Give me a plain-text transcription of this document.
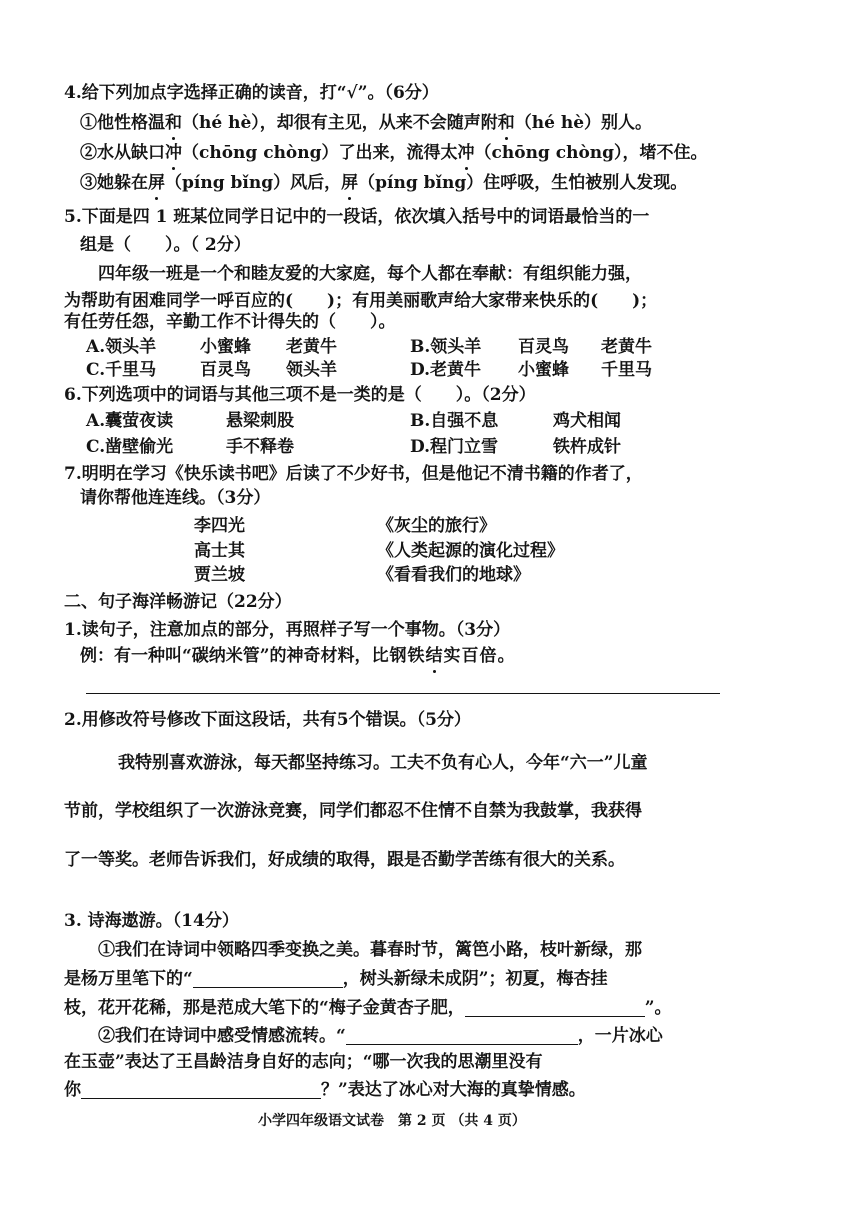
4.给下列加点字选择正确的读音，打“√”。（6分）
①他性格温和（hé hè），却很有主见，从来不会随声附和（hé hè）别人。
②水从缺口冲（chōng chòng）了出来，流得太冲（chōng chòng），堵不住。
③她躲在屏（píng bǐng）风后，屏（píng bǐng）住呼吸，生怕被别人发现。
5.下面是四 1 班某位同学日记中的一段话，依次填入括号中的词语最恰当的一
组是（　　）。（ 2分）
四年级一班是一个和睦友爱的大家庭，每个人都在奉献：有组织能力强，
为帮助有困难同学一呼百应的(　　)；有用美丽歌声给大家带来快乐的(　　)；
有任劳任怨，辛勤工作不计得失的（　　）。
A.领头羊	小蜜蜂 老黄牛	B.领头羊 百灵鸟 老黄牛
C.千里马	百灵鸟 领头羊	D.老黄牛 小蜜蜂 千里马
6.下列选项中的词语与其他三项不是一类的是（　　）。（2分）
A.囊萤夜读	悬梁刺股	B.自强不息	鸡犬相闻
C.凿壁偷光	手不释卷	D.程门立雪	铁杵成针
7.明明在学习《快乐读书吧》后读了不少好书，但是他记不清书籍的作者了，
请你帮他连连线。（3分）
李四光	《灰尘的旅行》
高士其	《人类起源的演化过程》
贾兰坡	《看看我们的地球》
二、句子海洋畅游记（22分）
1.读句子，注意加点的部分，再照样子写一个事物。（3分）
例：有一种叫“碳纳米管”的神奇材料，比钢铁结实百倍。
2.用修改符号修改下面这段话，共有5个错误。（5分）
我特别喜欢游泳，每天都坚持练习。工夫不负有心人，今年“六一”儿童
节前，学校组织了一次游泳竞赛，同学们都忍不住情不自禁为我鼓掌，我获得
了一等奖。老师告诉我们，好成绩的取得，跟是否勤学苦练有很大的关系。
3. 诗海遨游。（14分）
①我们在诗词中领略四季变换之美。暮春时节，篱笆小路，枝叶新绿，那
是杨万里笔下的“	，树头新绿未成阴”；初夏，梅杏挂
枝，花开花稀，那是范成大笔下的“梅子金黄杏子肥，	”。
②我们在诗词中感受情感流转。“	，一片冰心
在玉壶”表达了王昌龄洁身自好的志向；“哪一次我的思潮里没有
你	？”表达了冰心对大海的真挚情感。
小学四年级语文试卷　第 2 页 （共 4 页）
